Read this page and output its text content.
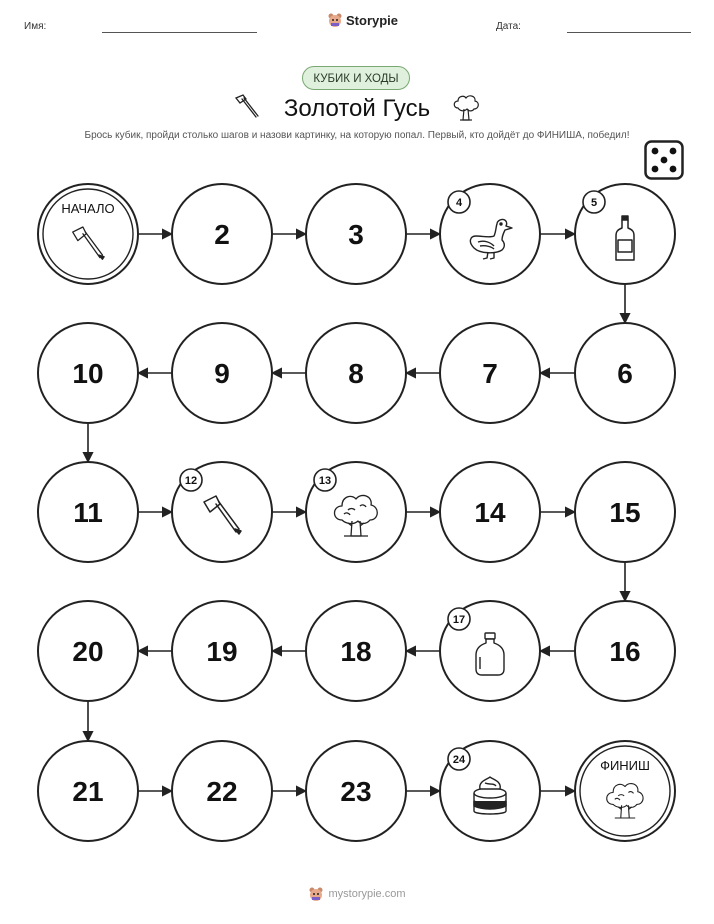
Имя:	Storypie	Дата:
КУБИК И ХОДЫ
Золотой Гусь
Брось кубик, пройди столько шагов и назови картинку, на которую попал. Первый, кто дойдёт до ФИНИША, победил!
НАЧАЛО
2	3
4	5
6
7
8
9
10
11
12	13
14	15
16
17
18
19
20
21	22	23
24	ФИНИШ
mystorypie.com
